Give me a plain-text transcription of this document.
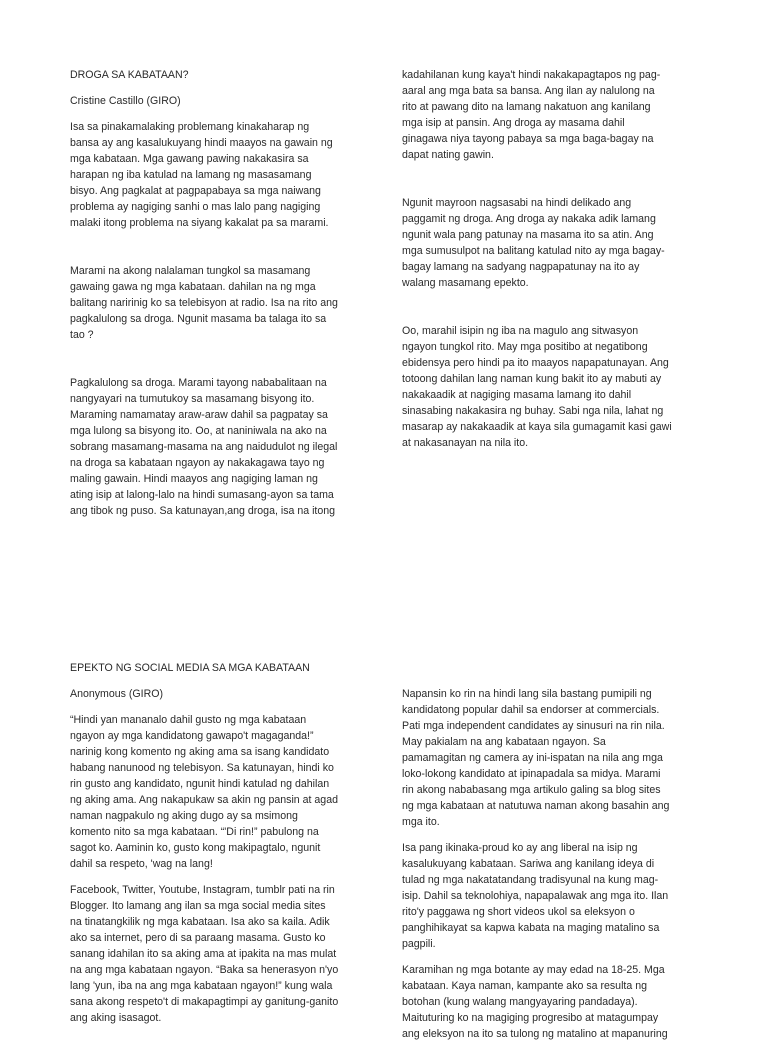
DROGA SA KABATAAN?

Cristine Castillo (GIRO)

Isa sa pinakamalaking problemang kinakaharap ng
bansa ay ang kasalukuyang hindi maayos na gawain ng
mga kabataan. Mga gawang pawing nakakasira sa
harapan ng iba katulad na lamang ng masasamang
bisyo. Ang pagkalat at pagpapabaya sa mga naiwang
problema ay nagiging sanhi o mas lalo pang nagiging
malaki itong problema na siyang kakalat pa sa marami.

Marami na akong nalalaman tungkol sa masamang
gawaing gawa ng mga kabataan. dahilan na ng mga
balitang naririnig ko sa telebisyon at radio. Isa na rito ang
pagkalulong sa droga. Ngunit masama ba talaga ito sa
tao ?

Pagkalulong sa droga. Marami tayong nababalitaan na
nangyayari na tumutukoy sa masamang bisyong ito.
Maraming namamatay araw-araw dahil sa pagpatay sa
mga lulong sa bisyong ito. Oo, at naniniwala na ako na
sobrang masamang-masama na ang naidudulot ng ilegal
na droga sa kabataan ngayon ay nakakagawa tayo ng
maling gawain. Hindi maayos ang nagiging laman ng
ating isip at lalong-lalo na hindi sumasang-ayon sa tama
ang tibok ng puso. Sa katunayan,ang droga, isa na itong

kadahilanan kung kaya't hindi nakakapagtapos ng pag-
aaral ang mga bata sa bansa. Ang ilan ay nalulong na
rito at pawang dito na lamang nakatuon ang kanilang
mga isip at pansin. Ang droga ay masama dahil
ginagawa niya tayong pabaya sa mga baga-bagay na
dapat nating gawin.

Ngunit mayroon nagsasabi na hindi delikado ang
paggamit ng droga. Ang droga ay nakaka adik lamang
ngunit wala pang patunay na masama ito sa atin. Ang
mga sumusulpot na balitang katulad nito ay mga bagay-
bagay lamang na sadyang nagpapatunay na ito ay
walang masamang epekto.

Oo, marahil isipin ng iba na magulo ang sitwasyon
ngayon tungkol rito. May mga positibo at negatibong
ebidensya pero hindi pa ito maayos napapatunayan. Ang
totoong dahilan lang naman kung bakit ito ay mabuti ay
nakakaadik at nagiging masama lamang ito dahil
sinasabing nakakasira ng buhay. Sabi nga nila, lahat ng
masarap ay nakakaadik at kaya sila gumagamit kasi gawi
at nakasanayan na nila ito.

EPEKTO NG SOCIAL MEDIA SA MGA KABATAAN

Anonymous (GIRO)

“Hindi yan mananalo dahil gusto ng mga kabataan
ngayon ay mga kandidatong gawapo't magaganda!”
narinig kong komento ng aking ama sa isang kandidato
habang nanunood ng telebisyon. Sa katunayan, hindi ko
rin gusto ang kandidato, ngunit hindi katulad ng dahilan
ng aking ama. Ang nakapukaw sa akin ng pansin at agad
naman nagpakulo ng aking dugo ay sa msimong
komento nito sa mga kabataan. “'Di rin!” pabulong na
sagot ko. Aaminin ko, gusto kong makipagtalo, ngunit
dahil sa respeto, 'wag na lang!

Facebook, Twitter, Youtube, Instagram, tumblr pati na rin
Blogger. Ito lamang ang ilan sa mga social media sites
na tinatangkilik ng mga kabataan. Isa ako sa kaila. Adik
ako sa internet, pero di sa paraang masama. Gusto ko
sanang idahilan ito sa aking ama at ipakita na mas mulat
na ang mga kabataan ngayon. “Baka sa henerasyon n'yo
lang 'yun, iba na ang mga kabataan ngayon!” kung wala
sana akong respeto't di makapagtimpi ay ganitung-ganito
ang aking isasagot.

Napansin ko rin na hindi lang sila bastang pumipili ng
kandidatong popular dahil sa endorser at commercials.
Pati mga independent candidates ay sinusuri na rin nila.
May pakialam na ang kabataan ngayon. Sa
pamamagitan ng camera ay ini-ispatan na nila ang mga
loko-lokong kandidato at ipinapadala sa midya. Marami
rin akong nababasang mga artikulo galing sa blog sites
ng mga kabataan at natutuwa naman akong basahin ang
mga ito.

Isa pang ikinaka-proud ko ay ang liberal na isip ng
kasalukuyang kabataan. Sariwa ang kanilang ideya di
tulad ng mga nakatatandang tradisyunal na kung mag-
isip. Dahil sa teknolohiya, napapalawak ang mga ito. Ilan
rito'y paggawa ng short videos ukol sa eleksyon o
panghihikayat sa kapwa kabata na maging matalino sa
pagpili.

Karamihan ng mga botante ay may edad na 18-25. Mga
kabataan. Kaya naman, kampante ako sa resulta ng
botohan (kung walang mangyayaring pandadaya).
Maituturing ko na magiging progresibo at matagumpay
ang eleksyon na ito sa tulong ng matalino at mapanuring
